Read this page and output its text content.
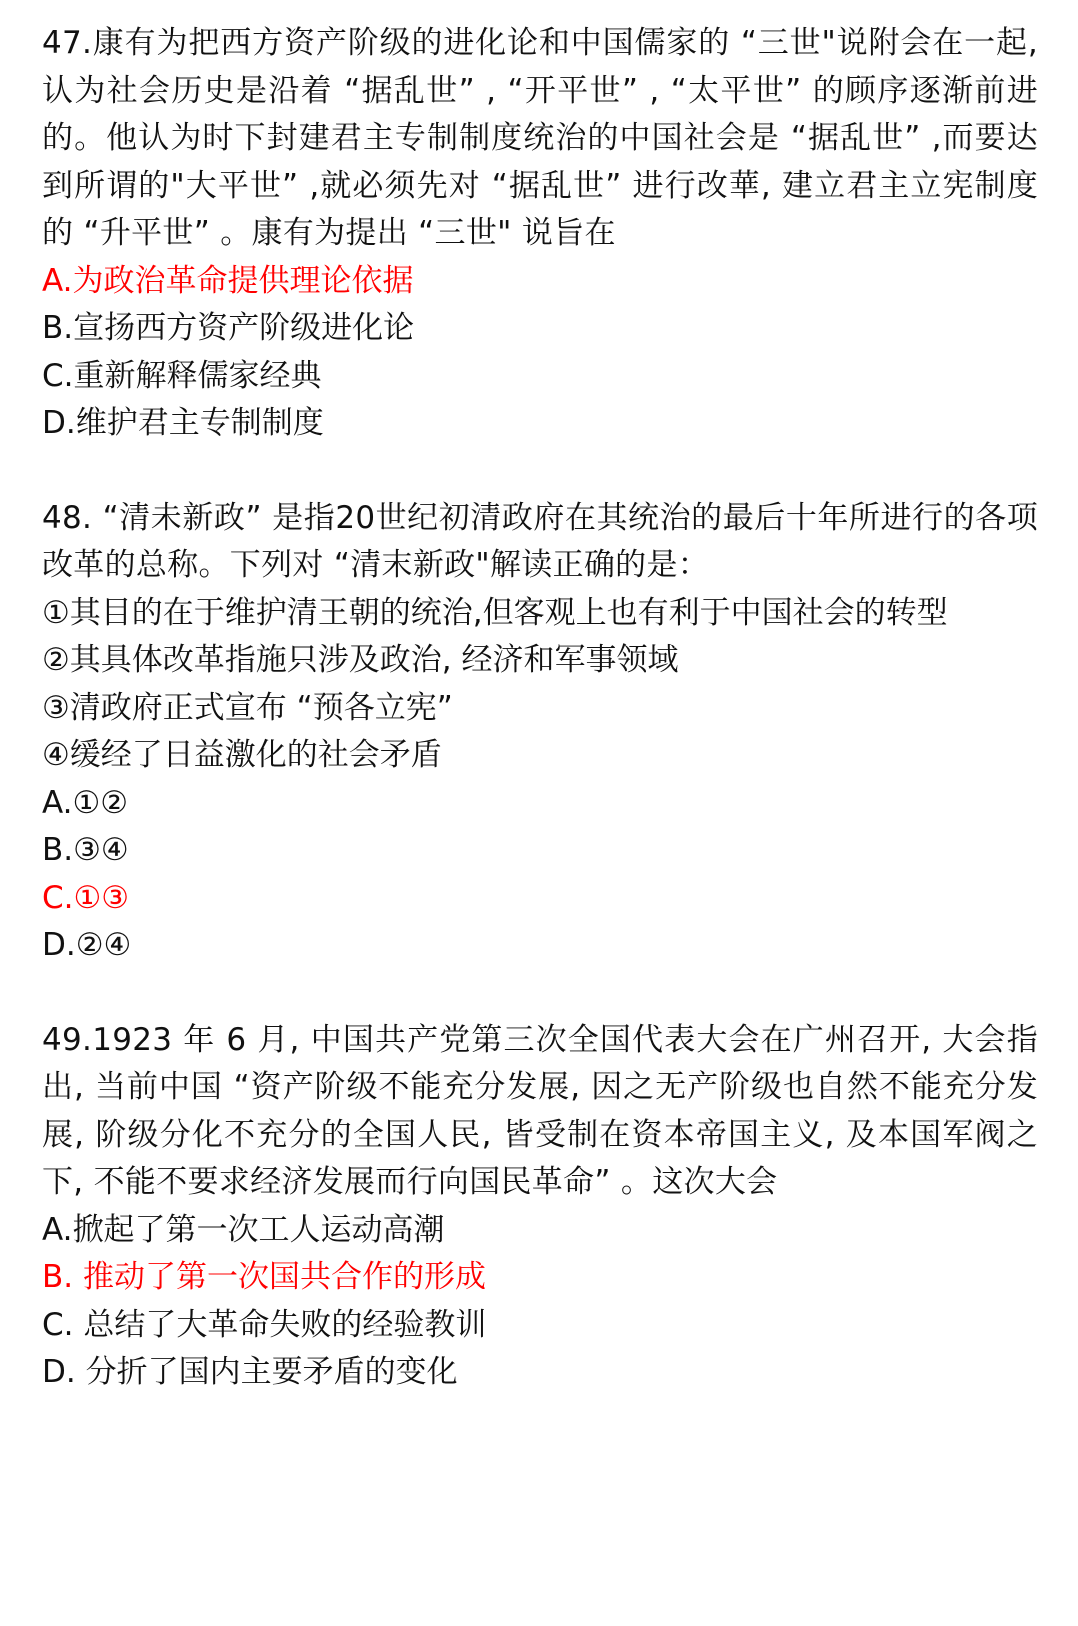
47.康有为把西方资产阶级的进化论和中国儒家的 “三世"说附会在一起,认为社会历史是沿着 “据乱世” , “开平世” , “太平世” 的顾序逐渐前进的。他认为时下封建君主专制制度统治的中国社会是 “据乱世” ,而要达到所谓的"大平世” ,就必须先对 “据乱世” 进行改華, 建立君主立宪制度的 “升平世” 。康有为提出 “三世" 说旨在

A.为政治革命提供理论依据

B.宣扬西方资产阶级进化论

C.重新解释儒家经典

D.维护君主专制制度

48. “清未新政” 是指20世纪初清政府在其统治的最后十年所进行的各项改革的总称。下列对 “清末新政"解读正确的是：

①其目的在于维护清王朝的统治,但客观上也有利于中国社会的转型

②其具体改革指施只涉及政治, 经济和军事领域

③清政府正式宣布 “预各立宪”

④缓经了日益激化的社会矛盾

A.①②

B.③④

C.①③

D.②④

49.1923 年 6 月, 中国共产党第三次全国代表大会在广州召开, 大会指出, 当前中国 “资产阶级不能充分发展, 因之无产阶级也自然不能充分发展, 阶级分化不充分的全国人民, 皆受制在资本帝国主义, 及本国军阀之下, 不能不要求经济发展而行向国民革命” 。这次大会

A.掀起了第一次工人运动高潮

B. 推动了第一次国共合作的形成

C. 总结了大革命失败的经验教训

D. 分折了国内主要矛盾的变化
